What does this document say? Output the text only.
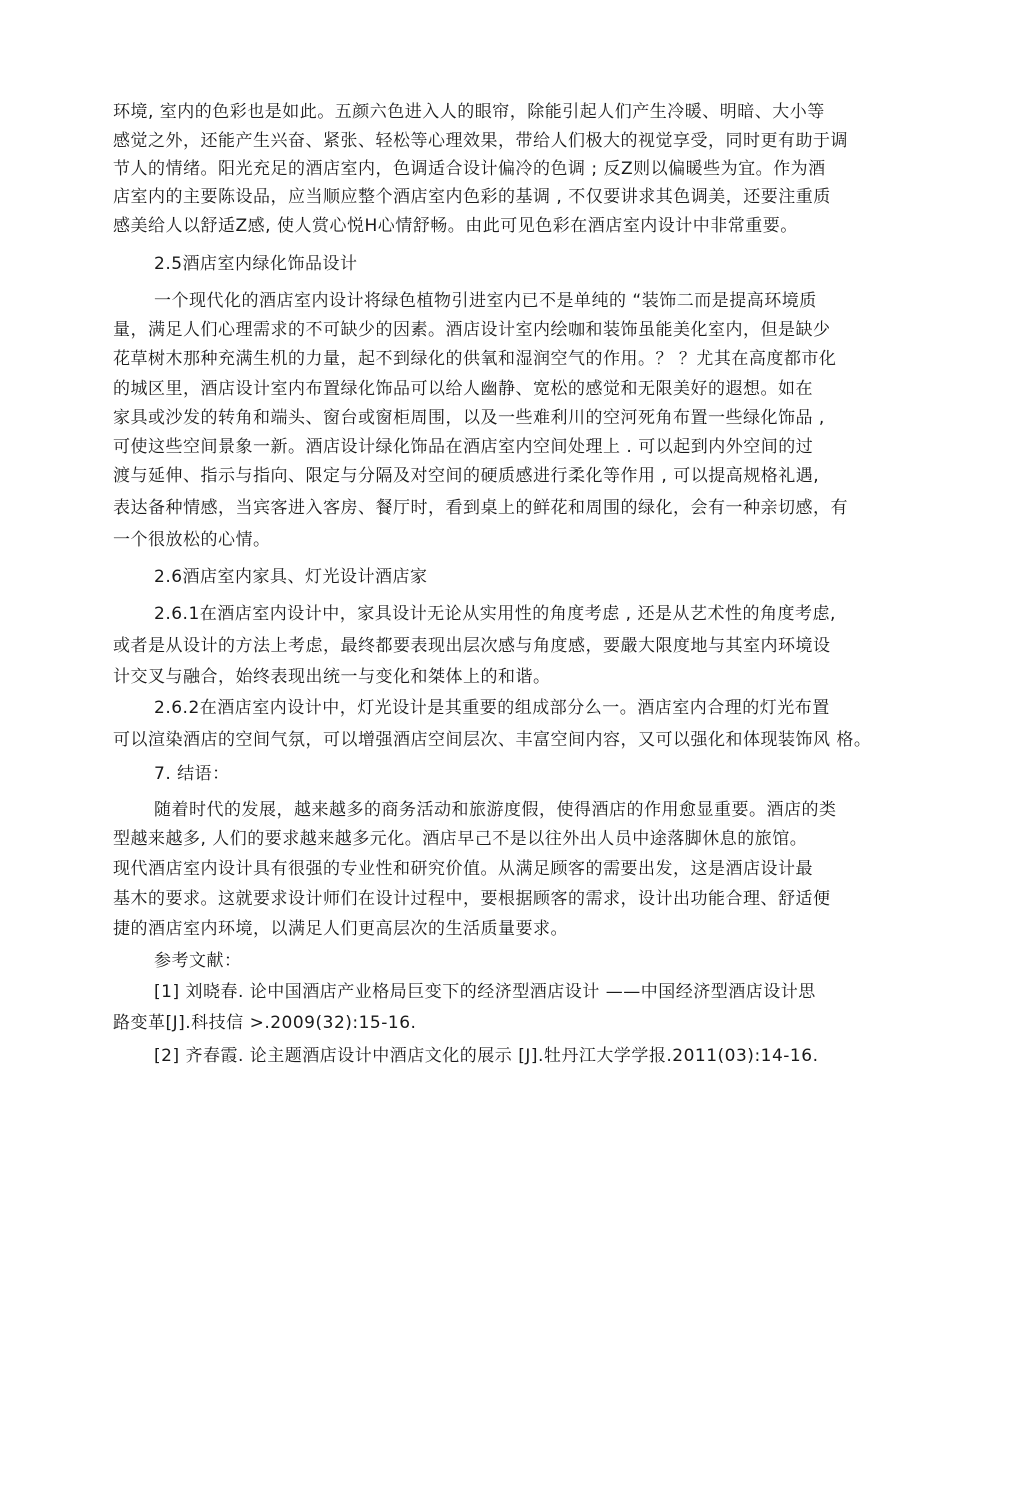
环境, 室内的色彩也是如此。五颜六色进入人的眼帘，除能引起人们产生冷暖、明暗、大小等
感觉之外，还能产生兴奋、紧张、轻松等心理效果，带给人们极大的视觉享受，同时更有助于调
节人的情绪。阳光充足的酒店室内，色调适合设计偏冷的色调 ; 反Z则以偏暖些为宜。作为酒
店室内的主要陈设品，应当顺应整个酒店室内色彩的基调 , 不仅要讲求其色调美，还要注重质
感美给人以舒适Z感, 使人赏心悦H心情舒畅。由此可见色彩在酒店室内设计中非常重要。
2.5酒店室内绿化饰品设计
一个现代化的酒店室内设计将绿色植物引进室内已不是单纯的 “装饰二而是提高环境质
量，满足人们心理需求的不可缺少的因素。酒店设计室内绘咖和装饰虽能美化室内，但是缺少
花草树木那种充满生机的力量，起不到绿化的供氧和湿润空气的作用。？ ？尤其在高度都市化
的城区里，酒店设计室内布置绿化饰品可以给人幽静、宽松的感觉和无限美好的遐想。如在
家具或沙发的转角和端头、窗台或窗柜周围，以及一些难利川的空河死角布置一些绿化饰品 ,
可使这些空间景象一新。酒店设计绿化饰品在酒店室内空间处理上 . 可以起到内外空间的过
渡与延伸、指示与指向、限定与分隔及对空间的硬质感进行柔化等作用 , 可以提高规格礼遇,
表达备种情感，当宾客进入客房、餐厅时，看到桌上的鲜花和周围的绿化，会有一种亲切感，有
一个很放松的心情。
2.6酒店室内家具、灯光设计酒店家
2.6.1在酒店室内设计中，家具设计无论从实用性的角度考虑 , 还是从艺术性的角度考虑,
或者是从设计的方法上考虑，最终都要表现出层次感与角度感，要嚴大限度地与其室内环境设
计交叉与融合，始终表现出统一与变化和桀体上的和谐。
2.6.2在酒店室内设计中，灯光设计是其重要的组成部分么一。酒店室内合理的灯光布置
可以渲染酒店的空间气氛，可以增强酒店空间层次、丰富空间内容，又可以强化和体现装饰风 格。
7. 结语：
随着时代的发展，越来越多的商务活动和旅游度假，使得酒店的作用愈显重要。酒店的类
型越来越多, 人们的要求越来越多元化。酒店早己不是以往外出人员中途落脚休息的旅馆。
现代酒店室内设计具有很强的专业性和研究价值。从满足顾客的需要出发，这是酒店设计最
基木的要求。这就要求设计师们在设计过程中，要根据顾客的需求，设计出功能合理、舒适便
捷的酒店室内环境，以满足人们更高层次的生活质量要求。
参考文献：
[1] 刘晓春. 论中国酒店产业格局巨变下的经济型酒店设计 ——中国经济型酒店设计思
路变革[J].科技信 >.2009(32):15-16.
[2] 齐春霞. 论主题酒店设计中酒店文化的展示 [J].牡丹江大学学报.2011(03):14-16.
